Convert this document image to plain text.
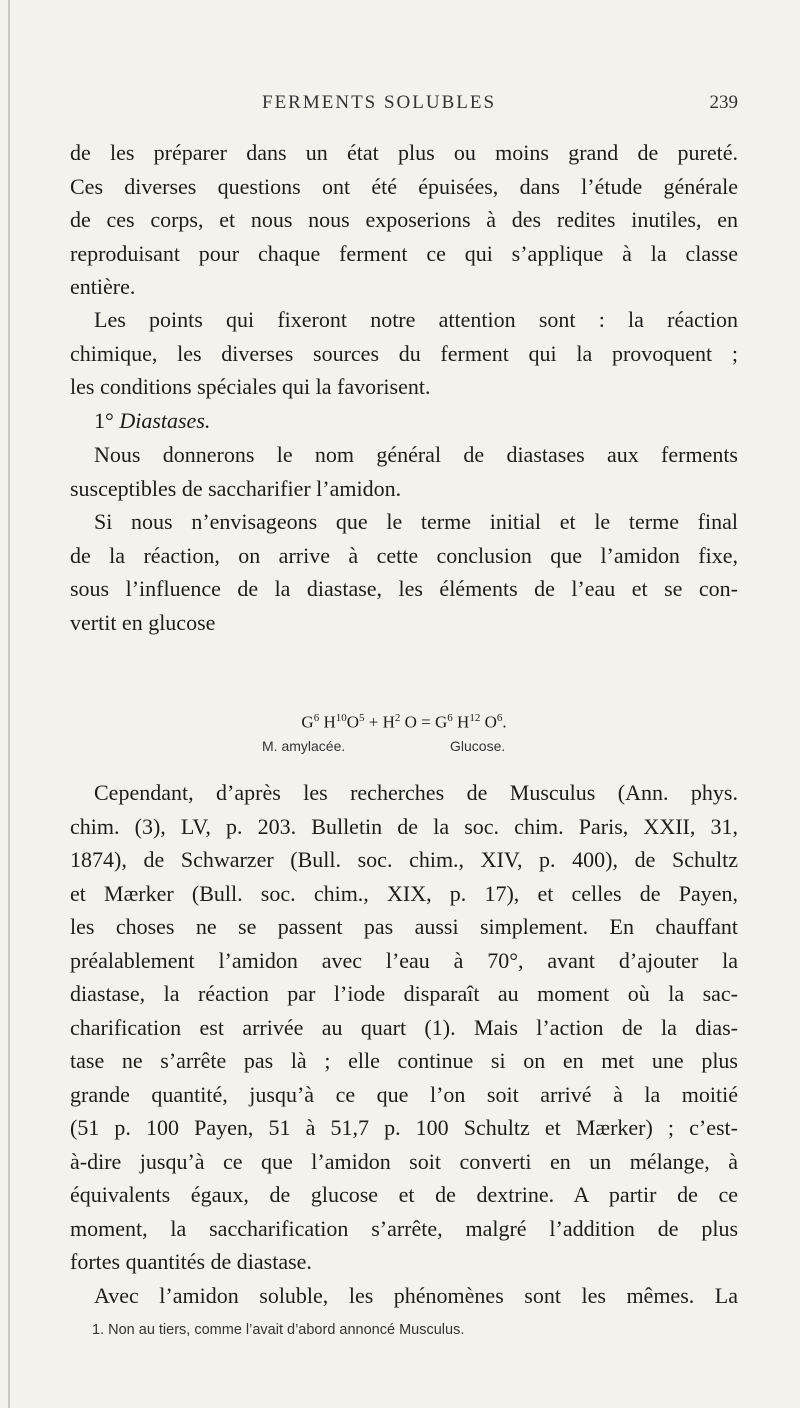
FERMENTS SOLUBLES	239
de les préparer dans un état plus ou moins grand de pureté.
Ces diverses questions ont été épuisées, dans l’étude générale
de ces corps, et nous nous exposerions à des redites inutiles, en
reproduisant pour chaque ferment ce qui s’applique à la classe
entière.
Les points qui fixeront notre attention sont : la réaction
chimique, les diverses sources du ferment qui la provoquent ;
les conditions spéciales qui la favorisent.
1° Diastases.
Nous donnerons le nom général de diastases aux ferments
susceptibles de saccharifier l’amidon.
Si nous n’envisageons que le terme initial et le terme final
de la réaction, on arrive à cette conclusion que l’amidon fixe,
sous l’influence de la diastase, les éléments de l’eau et se con-
vertit en glucose
$G^6$ $H^{10}O^5 + H^2$ $O = G^6$ $H^{12}$ $O^6$.
M. amylacée.	Glucose.
Cependant, d’après les recherches de Musculus (Ann. phys.
chim. (3), LV, p. 203. Bulletin de la soc. chim. Paris, XXII, 31,
1874), de Schwarzer (Bull. soc. chim., XIV, p. 400), de Schultz
et Mærker (Bull. soc. chim., XIX, p. 17), et celles de Payen,
les choses ne se passent pas aussi simplement. En chauffant
préalablement l’amidon avec l’eau à 70°, avant d’ajouter la
diastase, la réaction par l’iode disparaît au moment où la sac-
charification est arrivée au quart (1). Mais l’action de la dias-
tase ne s’arrête pas là ; elle continue si on en met une plus
grande quantité, jusqu’à ce que l’on soit arrivé à la moitié
(51 p. 100 Payen, 51 à 51,7 p. 100 Schultz et Mærker) ; c’est-
à-dire jusqu’à ce que l’amidon soit converti en un mélange, à
équivalents égaux, de glucose et de dextrine. A partir de ce
moment, la saccharification s’arrête, malgré l’addition de plus
fortes quantités de diastase.
Avec l’amidon soluble, les phénomènes sont les mêmes. La
1. Non au tiers, comme l’avait d’abord annoncé Musculus.
